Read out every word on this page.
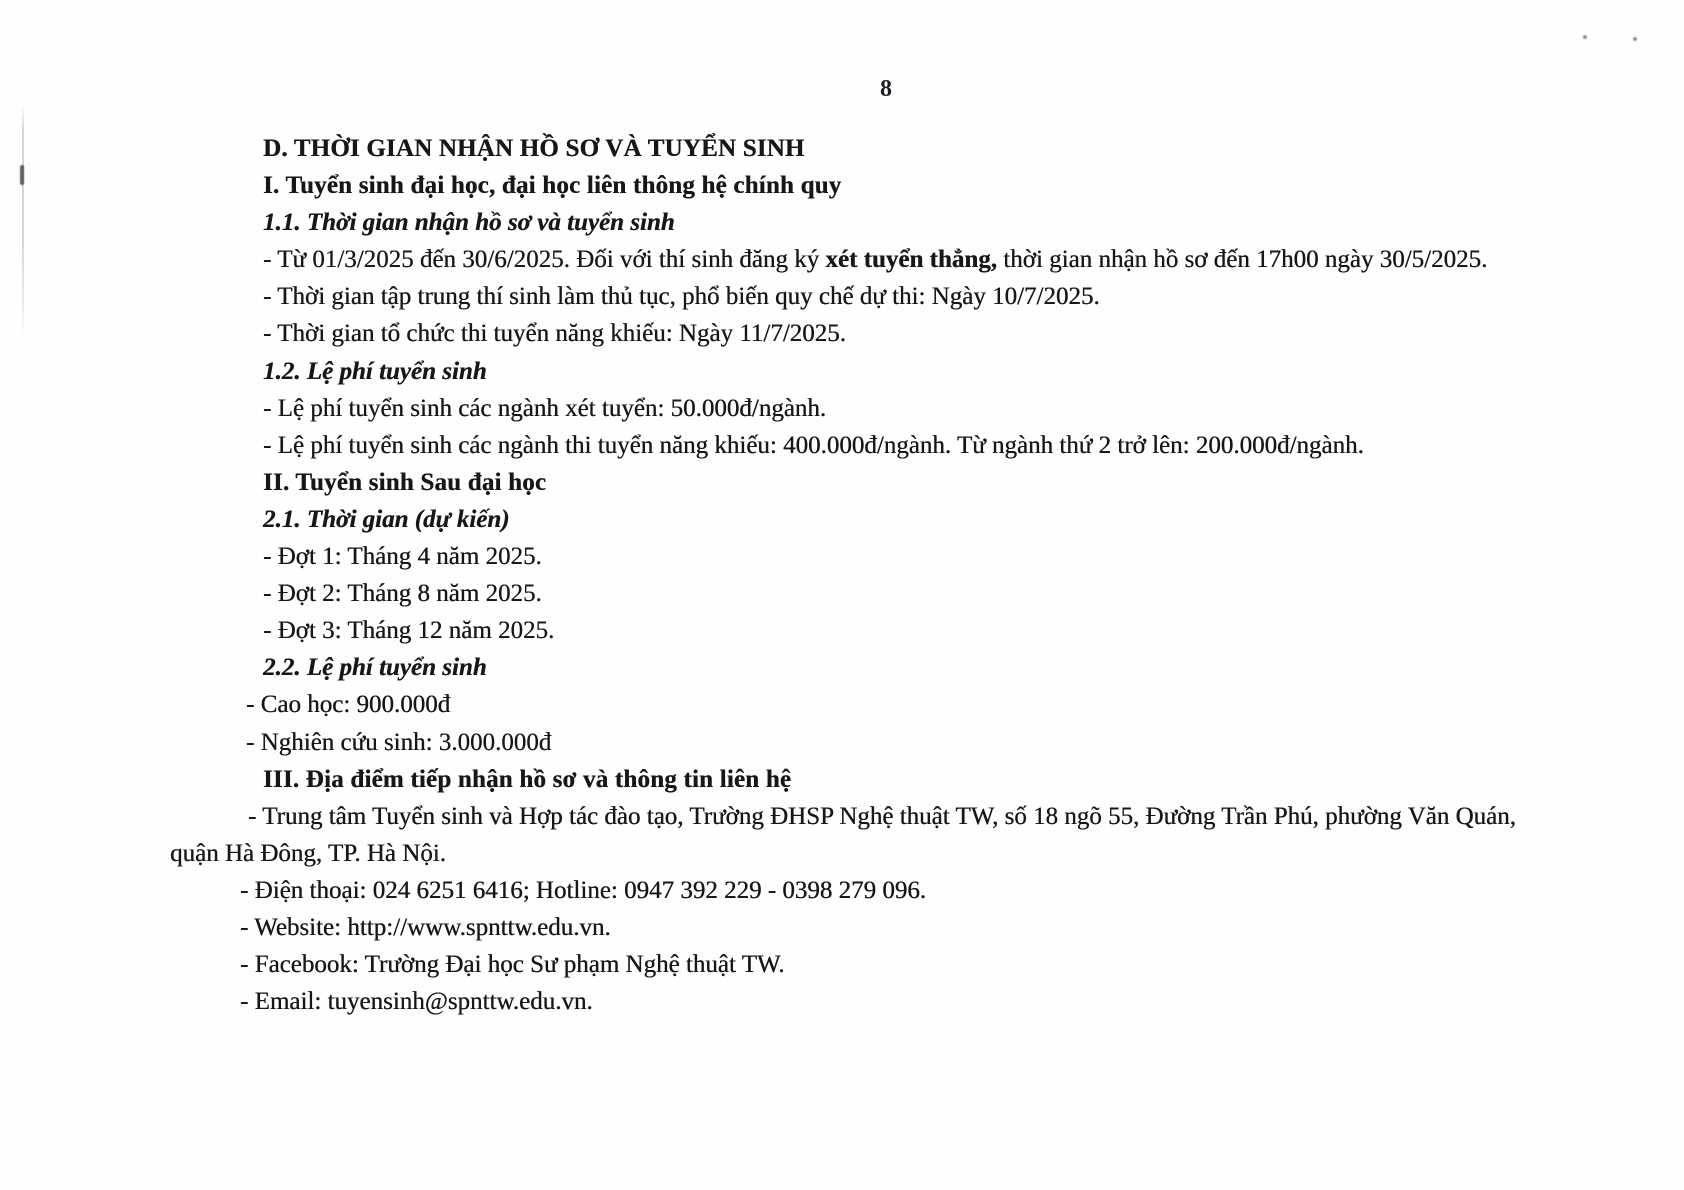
8
D. THỜI GIAN NHẬN HỒ SƠ VÀ TUYỂN SINH
I. Tuyển sinh đại học, đại học liên thông hệ chính quy
1.1. Thời gian nhận hồ sơ và tuyển sinh
- Từ 01/3/2025 đến 30/6/2025. Đối với thí sinh đăng ký xét tuyển thẳng, thời gian nhận hồ sơ đến 17h00 ngày 30/5/2025.
- Thời gian tập trung thí sinh làm thủ tục, phổ biến quy chế dự thi: Ngày 10/7/2025.
- Thời gian tổ chức thi tuyển năng khiếu: Ngày 11/7/2025.
1.2. Lệ phí tuyển sinh
- Lệ phí tuyển sinh các ngành xét tuyển: 50.000đ/ngành.
- Lệ phí tuyển sinh các ngành thi tuyển năng khiếu: 400.000đ/ngành. Từ ngành thứ 2 trở lên: 200.000đ/ngành.
II. Tuyển sinh Sau đại học
2.1. Thời gian (dự kiến)
- Đợt 1: Tháng 4 năm 2025.
- Đợt 2: Tháng 8 năm 2025.
- Đợt 3: Tháng 12 năm 2025.
2.2. Lệ phí tuyển sinh
- Cao học: 900.000đ
- Nghiên cứu sinh: 3.000.000đ
III. Địa điểm tiếp nhận hồ sơ và thông tin liên hệ
- Trung tâm Tuyển sinh và Hợp tác đào tạo, Trường ĐHSP Nghệ thuật TW, số 18 ngõ 55, Đường Trần Phú, phường Văn Quán,
quận Hà Đông, TP. Hà Nội.
- Điện thoại: 024 6251 6416; Hotline: 0947 392 229 - 0398 279 096.
- Website: http://www.spnttw.edu.vn.
- Facebook: Trường Đại học Sư phạm Nghệ thuật TW.
- Email: tuyensinh@spnttw.edu.vn.
